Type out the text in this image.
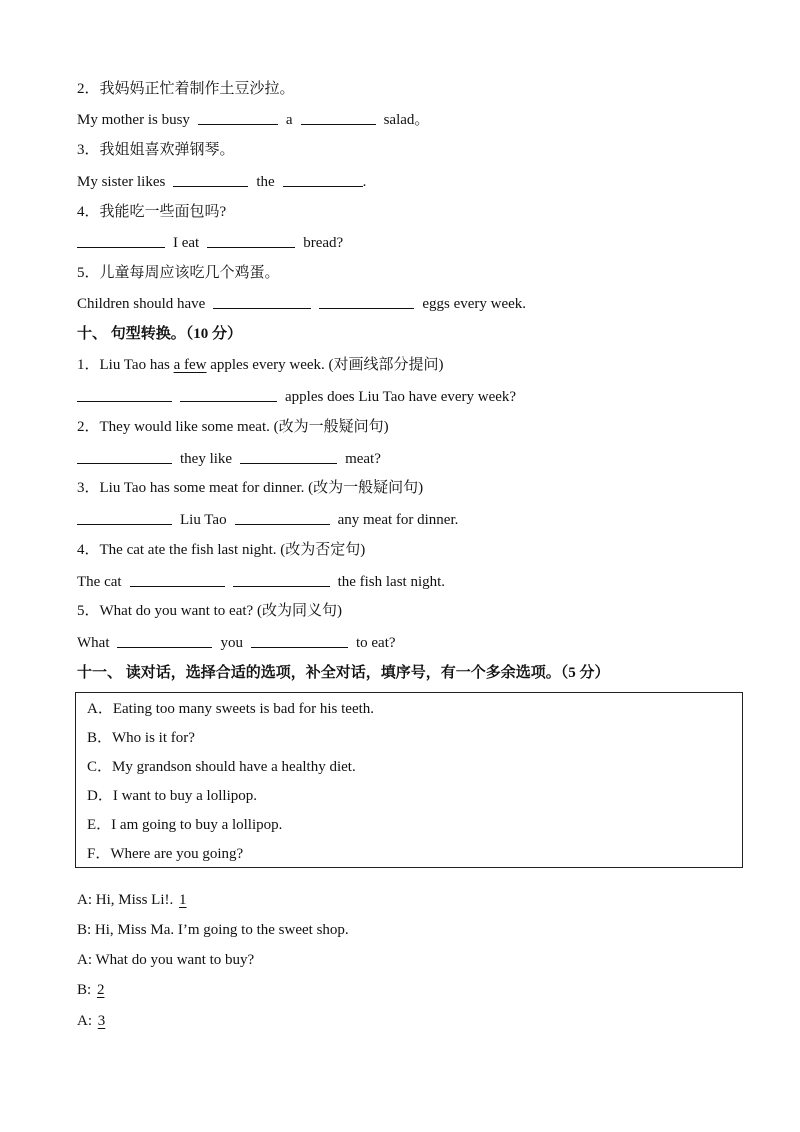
2．我妈妈正忙着制作土豆沙拉。
My mother is busy	a	salad。
3．我姐姐喜欢弹钢琴。
My sister likes	the	.
4．我能吃一些面包吗?
I eat	bread?
5．儿童每周应该吃几个鸡蛋。
Children should have	eggs every week.
十、 句型转换。（10 分）
1．Liu Tao has a few apples every week. (对画线部分提问)
apples does Liu Tao have every week?
2．They would like some meat. (改为一般疑问句)
they like	meat?
3．Liu Tao has some meat for dinner. (改为一般疑问句)
Liu Tao	any meat for dinner.
4．The cat ate the fish last night. (改为否定句)
The cat	the fish last night.
5．What do you want to eat? (改为同义句)
What	you	to eat?
十一、 读对话，选择合适的选项，补全对话，填序号，有一个多余选项。（5 分）
A．Eating too many sweets is bad for his teeth.
B．Who is it for?
C．My grandson should have a healthy diet.
D．I want to buy a lollipop.
E．I am going to buy a lollipop.
F．Where are you going?
A: Hi, Miss Li!. 1
B: Hi, Miss Ma. I’m going to the sweet shop.
A: What do you want to buy?
B: 2
A: 3
